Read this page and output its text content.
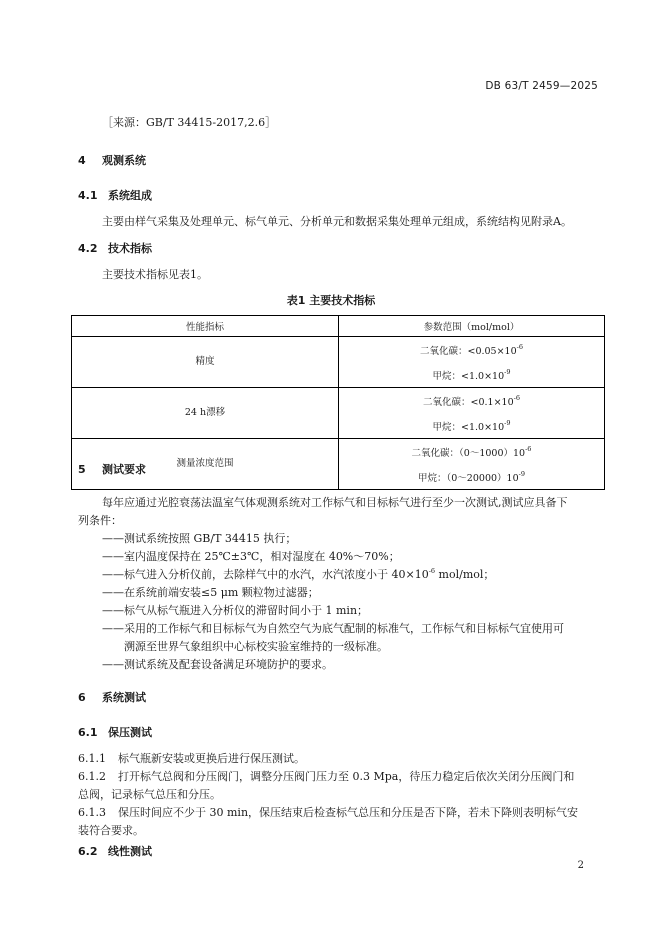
DB 63/T 2459—2025
［来源：GB/T 34415-2017,2.6］
4 观测系统
4.1 系统组成
主要由样气采集及处理单元、标气单元、分析单元和数据采集处理单元组成，系统结构见附录A。
4.2 技术指标
主要技术指标见表1。
表1 主要技术指标
性能指标	参数范围（mol/mol）
精度	二氧化碳：$<0.05\times 10^{-6}$
甲烷：$<1.0\times 10^{-9}$

24 h漂移	二氧化碳：$<0.1\times 10^{-6}$
甲烷：$<1.0\times 10^{-9}$

测量浓度范围	二氧化碳：$(0\sim 1000)10^{-6}$
甲烷：$(0\sim 20000)10^{-9}$
5 测试要求
每年应通过光腔衰荡法温室气体观测系统对工作标气和目标标气进行至少一次测试,测试应具备下
列条件：
——测试系统按照 GB/T 34415 执行；
——室内温度保持在 25℃±3℃，相对湿度在 40%～70%；
——标气进入分析仪前，去除样气中的水汽，水汽浓度小于 $40\times 10^{-6}$ mol/mol；
——在系统前端安装≤5 μm 颗粒物过滤器；
——标气从标气瓶进入分析仪的滞留时间小于 1 min；
——采用的工作标气和目标标气为自然空气为底气配制的标准气，工作标气和目标标气宜使用可
溯源至世界气象组织中心标校实验室维持的一级标准。
——测试系统及配套设备满足环境防护的要求。
6 系统测试
6.1 保压测试
6.1.1 标气瓶新安装或更换后进行保压测试。
6.1.2 打开标气总阀和分压阀门，调整分压阀门压力至 0.3 Mpa，待压力稳定后依次关闭分压阀门和
总阀，记录标气总压和分压。
6.1.3 保压时间应不少于 30 min，保压结束后检查标气总压和分压是否下降，若未下降则表明标气安
装符合要求。
6.2 线性测试
2
